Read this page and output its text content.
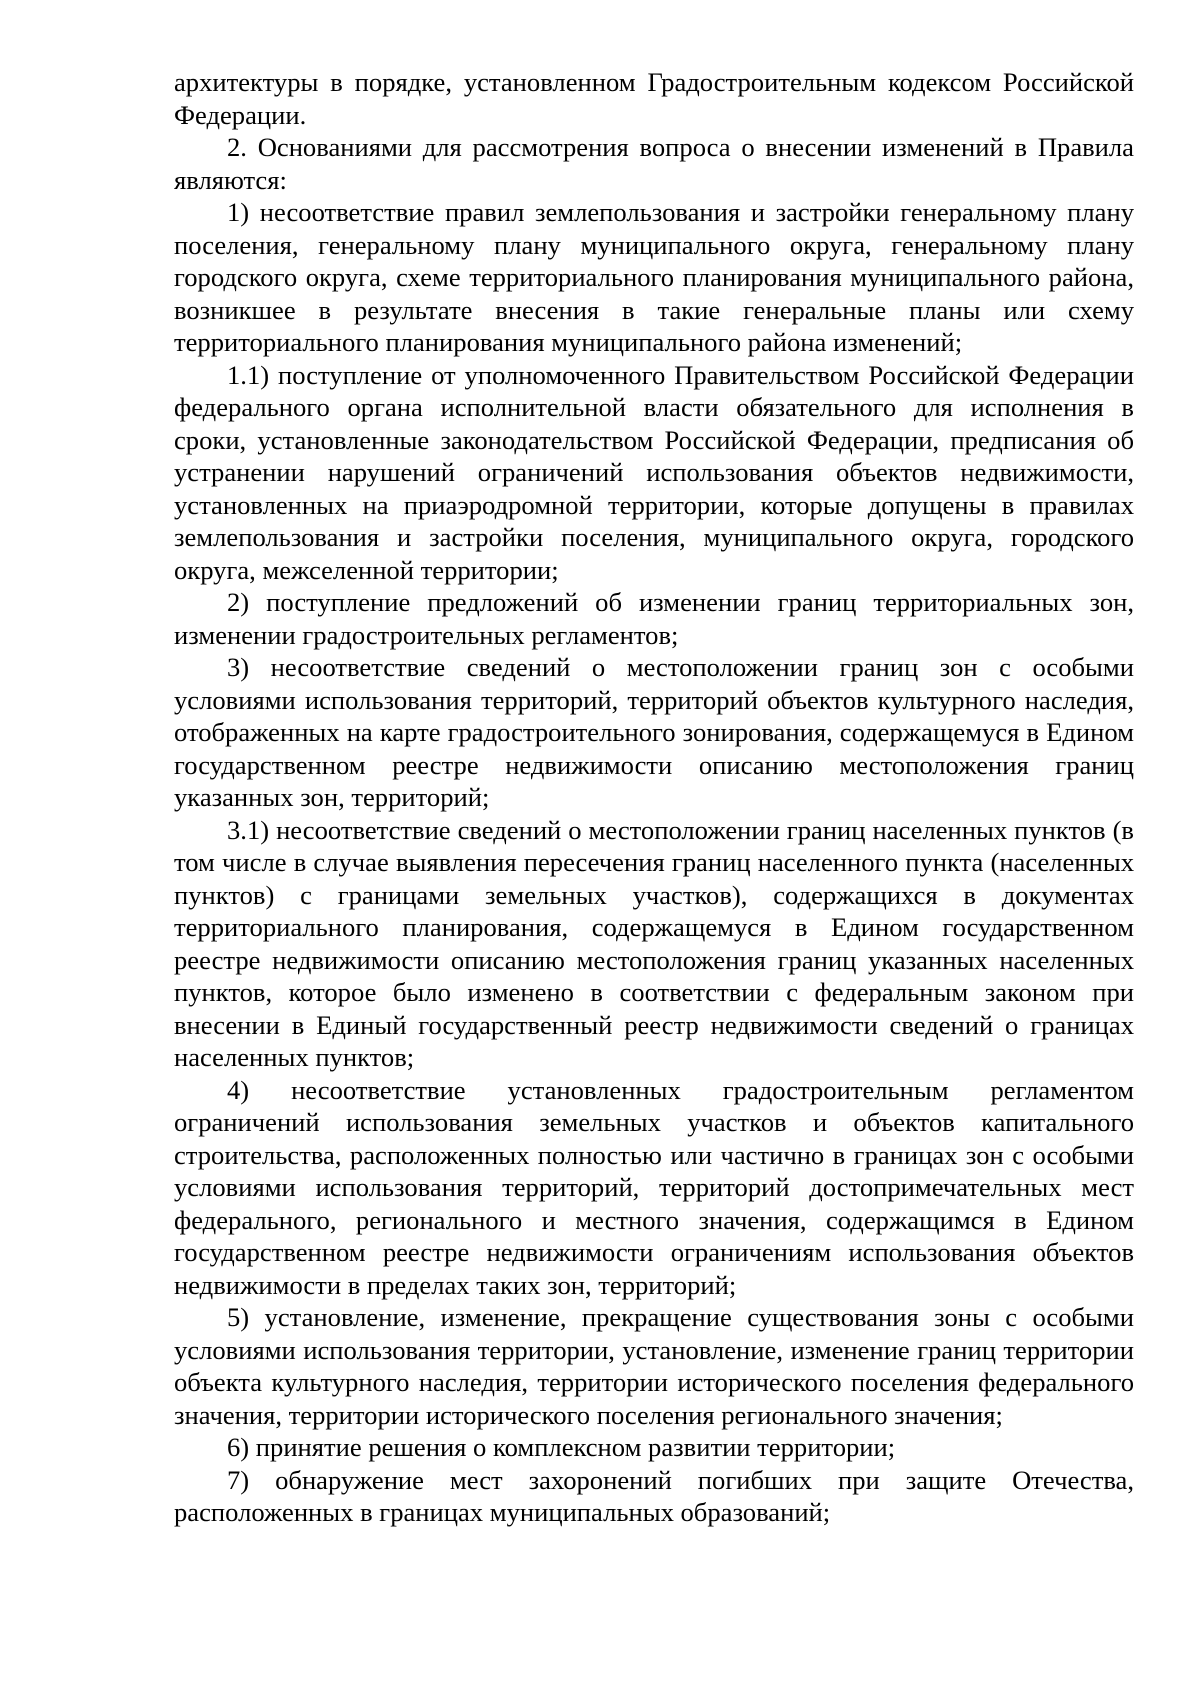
архитектуры в порядке, установленном Градостроительным кодексом Российской Федерации.

2. Основаниями для рассмотрения вопроса о внесении изменений в Правила являются:

1) несоответствие правил землепользования и застройки генеральному плану поселения, генеральному плану муниципального округа, генеральному плану городского округа, схеме территориального планирования муниципального района, возникшее в результате внесения в такие генеральные планы или схему территориального планирования муниципального района изменений;

1.1) поступление от уполномоченного Правительством Российской Федерации федерального органа исполнительной власти обязательного для исполнения в сроки, установленные законодательством Российской Федерации, предписания об устранении нарушений ограничений использования объектов недвижимости, установленных на приаэродромной территории, которые допущены в правилах землепользования и застройки поселения, муниципального округа, городского округа, межселенной территории;

2) поступление предложений об изменении границ территориальных зон, изменении градостроительных регламентов;

3) несоответствие сведений о местоположении границ зон с особыми условиями использования территорий, территорий объектов культурного наследия, отображенных на карте градостроительного зонирования, содержащемуся в Едином государственном реестре недвижимости описанию местоположения границ указанных зон, территорий;

3.1) несоответствие сведений о местоположении границ населенных пунктов (в том числе в случае выявления пересечения границ населенного пункта (населенных пунктов) с границами земельных участков), содержащихся в документах территориального планирования, содержащемуся в Едином государственном реестре недвижимости описанию местоположения границ указанных населенных пунктов, которое было изменено в соответствии с федеральным законом при внесении в Единый государственный реестр недвижимости сведений о границах населенных пунктов;

4) несоответствие установленных градостроительным регламентом ограничений использования земельных участков и объектов капитального строительства, расположенных полностью или частично в границах зон с особыми условиями использования территорий, территорий достопримечательных мест федерального, регионального и местного значения, содержащимся в Едином государственном реестре недвижимости ограничениям использования объектов недвижимости в пределах таких зон, территорий;

5) установление, изменение, прекращение существования зоны с особыми условиями использования территории, установление, изменение границ территории объекта культурного наследия, территории исторического поселения федерального значения, территории исторического поселения регионального значения;

6) принятие решения о комплексном развитии территории;

7) обнаружение мест захоронений погибших при защите Отечества, расположенных в границах муниципальных образований;
